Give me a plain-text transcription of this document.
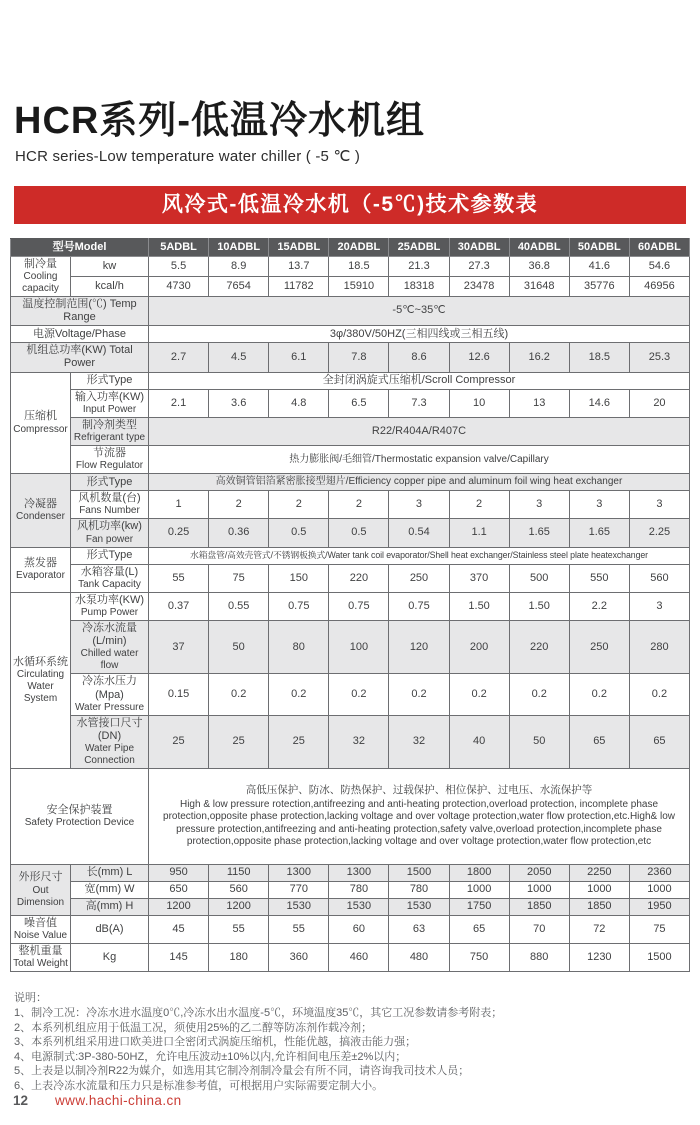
HCR系列-低温冷水机组
HCR series-Low temperature water chiller ( -5 ℃ )
风冷式-低温冷水机（-5℃)技术参数表
型号Model		5ADBL	10ADBL	15ADBL	20ADBL	25ADBL	30ADBL	40ADBL	50ADBL	60ADBL

制冷量
Cooling capacity	kw	5.5	8.9	13.7	18.5	21.3	27.3	36.8	41.6	54.6

	kcal/h	4730	7654	11782	15910	18318	23478	31648	35776	46956

温度控制范围(℃) Temp Range		-5℃~35℃								

电源Voltage/Phase		3φ/380V/50HZ(三相四线或三相五线)								

机组总功率(KW) Total Power		2.7	4.5	6.1	7.8	8.6	12.6	16.2	18.5	25.3

压缩机
Compressor	形式Type	全封闭涡旋式压缩机/Scroll Compressor								

	输入功率(KW)
Input Power	2.1	3.6	4.8	6.5	7.3	10	13	14.6	20

	制冷剂类型
Refrigerant type	R22/R404A/R407C								

	节流器
Flow Regulator	热力膨胀阀/毛细管/Thermostatic expansion valve/Capillary								

冷凝器
Condenser	形式Type	高效铜管铝箔紧密胀接型翅片/Efficiency copper pipe and aluminum foil wing heat exchanger								

	风机数量(台)
Fans Number	1	2	2	2	3	2	3	3	3

	风机功率(kw)
Fan power	0.25	0.36	0.5	0.5	0.54	1.1	1.65	1.65	2.25

蒸发器
Evaporator	形式Type	水箱盘管/高效壳管式/不锈钢板换式/Water tank coil evaporator/Shell heat exchanger/Stainless steel plate heatexchanger								

	水箱容量(L)
Tank Capacity	55	75	150	220	250	370	500	550	560

水循环系统
Circulating Water System

水泵功率(KW)
Pump Power
	0.37	0.55	0.75	0.75	0.75	1.50	1.50	2.2	3

	冷冻水流量(L/min)
Chilled water flow	37	50	80	100	120	200	220	250	280

	冷冻水压力(Mpa)
Water Pressure	0.15	0.2	0.2	0.2	0.2	0.2	0.2	0.2	0.2

	水管接口尺寸(DN)
Water Pipe Connection	25	25	25	32	32	40	50	65	65

安全保护装置
Safety Protection Device

高低压保护、防冰、防热保护、过载保护、相位保护、过电压、水流保护等
High & low pressure rotection,antifreezing and anti-heating protection,overload protection, incomplete phase protection,opposite phase protection,lacking voltage and over voltage protection,water flow protection,etc.High& low pressure protection,antifreezing and anti-heating protection,safety valve,overload protection,incomplete phase protection,opposite phase protection,lacking voltage and over voltage protection,water flow protection,etc

外形尺寸
Out Dimension	长(mm) L	950	1150	1300	1300	1500	1800	2050	2250	2360

	宽(mm) W	650	560	770	780	780	1000	1000	1000	1000

	高(mm) H	1200	1200	1530	1530	1530	1750	1850	1850	1950

噪音值
Noise Value	dB(A)	45	55	55	60	63	65	70	72	75

整机重量
Total Weight	Kg	145	180	360	460	480	750	880	1230	1500

说明：

1、制冷工况：冷冻水进水温度0℃,冷冻水出水温度-5℃，环境温度35℃，其它工况参数请参考附表；

2、本系列机组应用于低温工况，须使用25%的乙二醇等防冻剂作载冷剂；

3、本系列机组采用进口欧美进口全密闭式涡旋压缩机，性能优越，搞液击能力强；

4、电源制式:3P-380-50HZ，允许电压波动±10%以内,允许相间电压差±2%以内；

5、上表是以制冷剂R22为媒介，如选用其它制冷剂制冷量会有所不同，请咨询我司技术人员；

6、上表冷冻水流量和压力只是标准参考值，可根据用户实际需要定制大小。

12 www.hachi-china.cn
